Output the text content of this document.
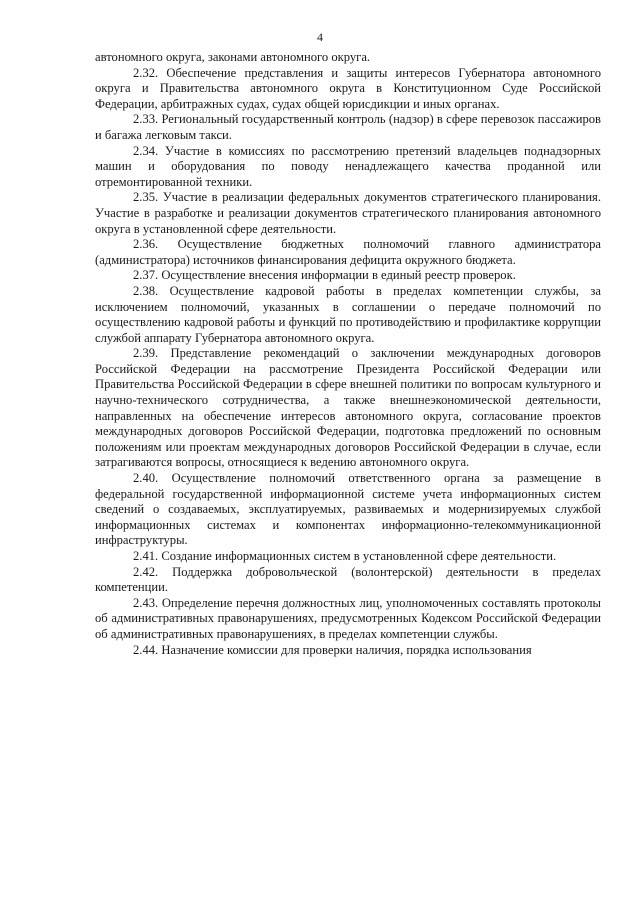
4

автономного округа, законами автономного округа.

2.32. Обеспечение представления и защиты интересов Губернатора автономного округа и Правительства автономного округа в Конституционном Суде Российской Федерации, арбитражных судах, судах общей юрисдикции и иных органах.

2.33. Региональный государственный контроль (надзор) в сфере перевозок пассажиров и багажа легковым такси.

2.34. Участие в комиссиях по рассмотрению претензий владельцев поднадзорных машин и оборудования по поводу ненадлежащего качества проданной или отремонтированной техники.

2.35. Участие в реализации федеральных документов стратегического планирования. Участие в разработке и реализации документов стратегического планирования автономного округа в установленной сфере деятельности.

2.36. Осуществление бюджетных полномочий главного администратора (администратора) источников финансирования дефицита окружного бюджета.

2.37. Осуществление внесения информации в единый реестр проверок.

2.38. Осуществление кадровой работы в пределах компетенции службы, за исключением полномочий, указанных в соглашении о передаче полномочий по осуществлению кадровой работы и функций по противодействию и профилактике коррупции службой аппарату Губернатора автономного округа.

2.39. Представление рекомендаций о заключении международных договоров Российской Федерации на рассмотрение Президента Российской Федерации или Правительства Российской Федерации в сфере внешней политики по вопросам культурного и научно-технического сотрудничества, а также внешнеэкономической деятельности, направленных на обеспечение интересов автономного округа, согласование проектов международных договоров Российской Федерации, подготовка предложений по основным положениям или проектам международных договоров Российской Федерации в случае, если затрагиваются вопросы, относящиеся к ведению автономного округа.

2.40. Осуществление полномочий ответственного органа за размещение в федеральной государственной информационной системе учета информационных систем сведений о создаваемых, эксплуатируемых, развиваемых и модернизируемых службой информационных системах и компонентах информационно-телекоммуникационной инфраструктуры.

2.41. Создание информационных систем в установленной сфере деятельности.

2.42. Поддержка добровольческой (волонтерской) деятельности в пределах компетенции.

2.43. Определение перечня должностных лиц, уполномоченных составлять протоколы об административных правонарушениях, предусмотренных Кодексом Российской Федерации об административных правонарушениях, в пределах компетенции службы.

2.44. Назначение комиссии для проверки наличия, порядка использования
